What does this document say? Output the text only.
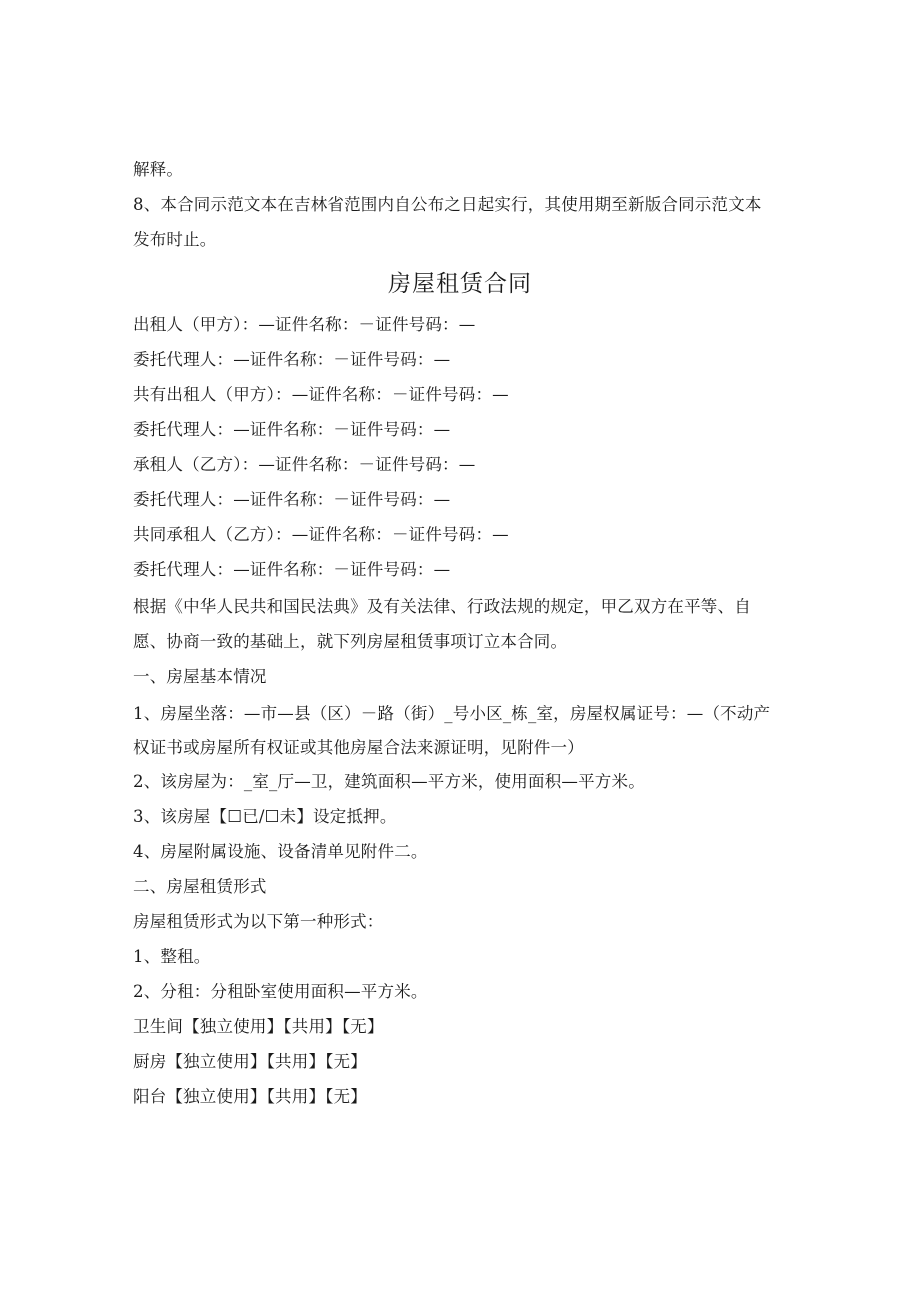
解释。

8、本合同示范文本在吉林省范围内自公布之日起实行，其使用期至新版合同示范文本

发布时止。

房屋租赁合同

出租人（甲方）：—证件名称：－证件号码：—

委托代理人：—证件名称：－证件号码：—

共有出租人（甲方）：—证件名称：－证件号码：—

委托代理人：—证件名称：－证件号码：—

承租人（乙方）：—证件名称：－证件号码：—

委托代理人：—证件名称：－证件号码：—

共同承租人（乙方）：—证件名称：－证件号码：—

委托代理人：—证件名称：－证件号码：—

根据《中华人民共和国民法典》及有关法律、行政法规的规定，甲乙双方在平等、自

愿、协商一致的基础上，就下列房屋租赁事项订立本合同。

一、房屋基本情况

1、房屋坐落：—市—县（区）－路（街）_号小区_栋_室，房屋权属证号：—（不动产

权证书或房屋所有权证或其他房屋合法来源证明，见附件一）

2、该房屋为：_室_厅—卫，建筑面积—平方米，使用面积—平方米。

3、该房屋【☐已/☐未】设定抵押。

4、房屋附属设施、设备清单见附件二。

二、房屋租赁形式

房屋租赁形式为以下第一种形式：

1、整租。

2、分租：分租卧室使用面积—平方米。

卫生间【独立使用】【共用】【无】

厨房【独立使用】【共用】【无】

阳台【独立使用】【共用】【无】
